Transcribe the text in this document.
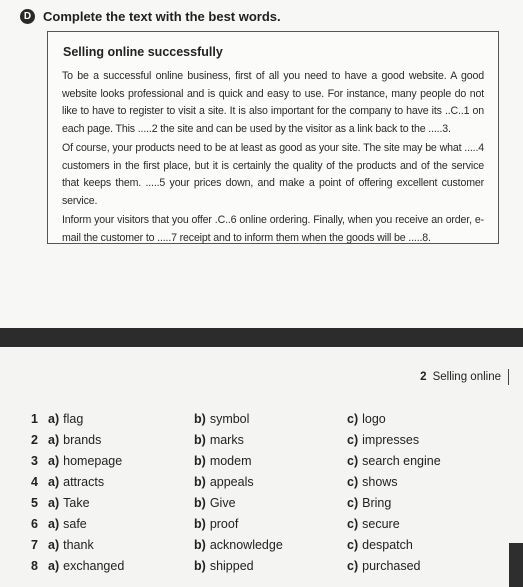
D Complete the text with the best words.
Selling online successfully

To be a successful online business, first of all you need to have a good website. A good website looks professional and is quick and easy to use. For instance, many people do not like to have to register to visit a site. It is also important for the company to have its ..C..1 on each page. This .....2 the site and can be used by the visitor as a link back to the .....3.

Of course, your products need to be at least as good as your site. The site may be what .....4 customers in the first place, but it is certainly the quality of the products and of the service that keeps them. .....5 your prices down, and make a point of offering excellent customer service.

Inform your visitors that you offer .C..6 online ordering. Finally, when you receive an order, e-mail the customer to .....7 receipt and to inform them when the goods will be .....8.

2 Selling online
1 a) flag	b) symbol	c) logo
2 a) brands	b) marks	c) impresses
3 a) homepage	b) modem	c) search engine
4 a) attracts	b) appeals	c) shows
5 a) Take	b) Give	c) Bring
6 a) safe	b) proof	c) secure
7 a) thank	b) acknowledge	c) despatch
8 a) exchanged	b) shipped	c) purchased
